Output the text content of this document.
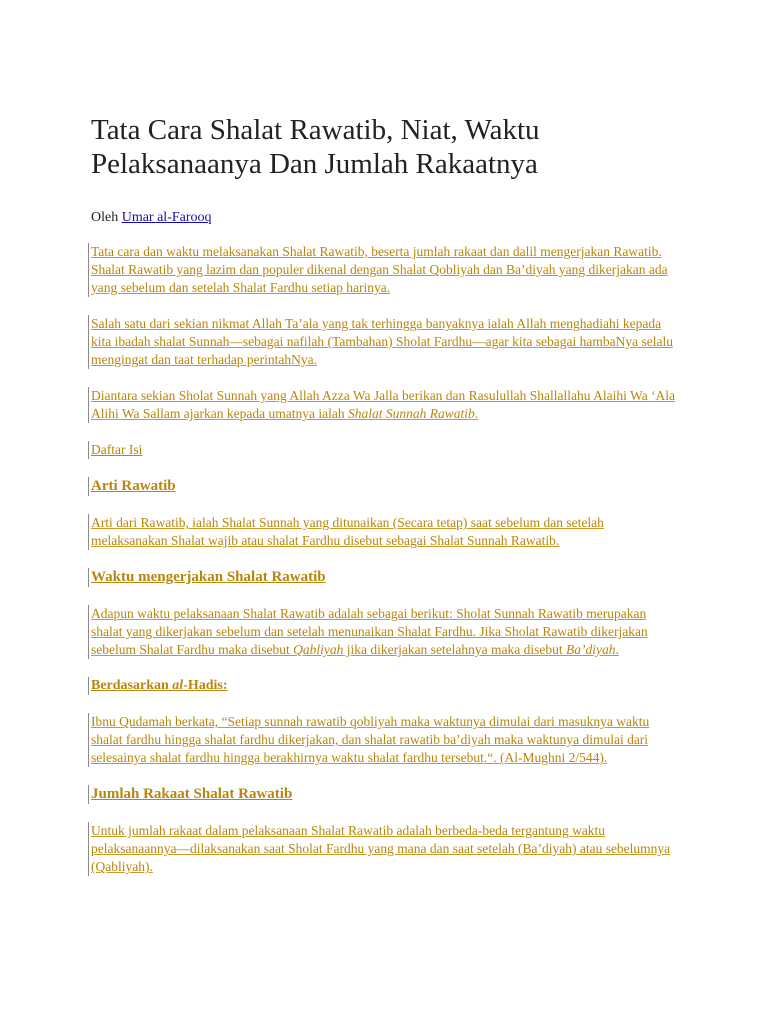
Tata Cara Shalat Rawatib, Niat, Waktu Pelaksanaanya Dan Jumlah Rakaatnya
Oleh Umar al-Farooq
Tata cara dan waktu melaksanakan Shalat Rawatib, beserta jumlah rakaat dan dalil mengerjakan Rawatib. Shalat Rawatib yang lazim dan populer dikenal dengan Shalat Qobliyah dan Ba’diyah yang dikerjakan ada yang sebelum dan setelah Shalat Fardhu setiap harinya.
Salah satu dari sekian nikmat Allah Ta’ala yang tak terhingga banyaknya ialah Allah menghadiahi kepada kita ibadah shalat Sunnah—sebagai nafilah (Tambahan) Sholat Fardhu—agar kita sebagai hambaNya selalu mengingat dan taat terhadap perintahNya.
Diantara sekian Sholat Sunnah yang Allah Azza Wa Jalla berikan dan Rasulullah Shallallahu Alaihi Wa ‘Ala Alihi Wa Sallam ajarkan kepada umatnya ialah Shalat Sunnah Rawatib.
Daftar Isi
Arti Rawatib
Arti dari Rawatib, ialah Shalat Sunnah yang ditunaikan (Secara tetap) saat sebelum dan setelah melaksanakan Shalat wajib atau shalat Fardhu disebut sebagai Shalat Sunnah Rawatib.
Waktu mengerjakan Shalat Rawatib
Adapun waktu pelaksanaan Shalat Rawatib adalah sebagai berikut: Sholat Sunnah Rawatib merupakan shalat yang dikerjakan sebelum dan setelah menunaikan Shalat Fardhu. Jika Sholat Rawatib dikerjakan sebelum Shalat Fardhu maka disebut Qabliyah jika dikerjakan setelahnya maka disebut Ba’diyah.
Berdasarkan al-Hadis:
Ibnu Qudamah berkata, “Setiap sunnah rawatib qobliyah maka waktunya dimulai dari masuknya waktu shalat fardhu hingga shalat fardhu dikerjakan, dan shalat rawatib ba’diyah maka waktunya dimulai dari selesainya shalat fardhu hingga berakhirnya waktu shalat fardhu tersebut.“. (Al-Mughni 2/544).
Jumlah Rakaat Shalat Rawatib
Untuk jumlah rakaat dalam pelaksanaan Shalat Rawatib adalah berbeda-beda tergantung waktu pelaksanaannya—dilaksanakan saat Sholat Fardhu yang mana dan saat setelah (Ba’diyah) atau sebelumnya (Qabliyah).
